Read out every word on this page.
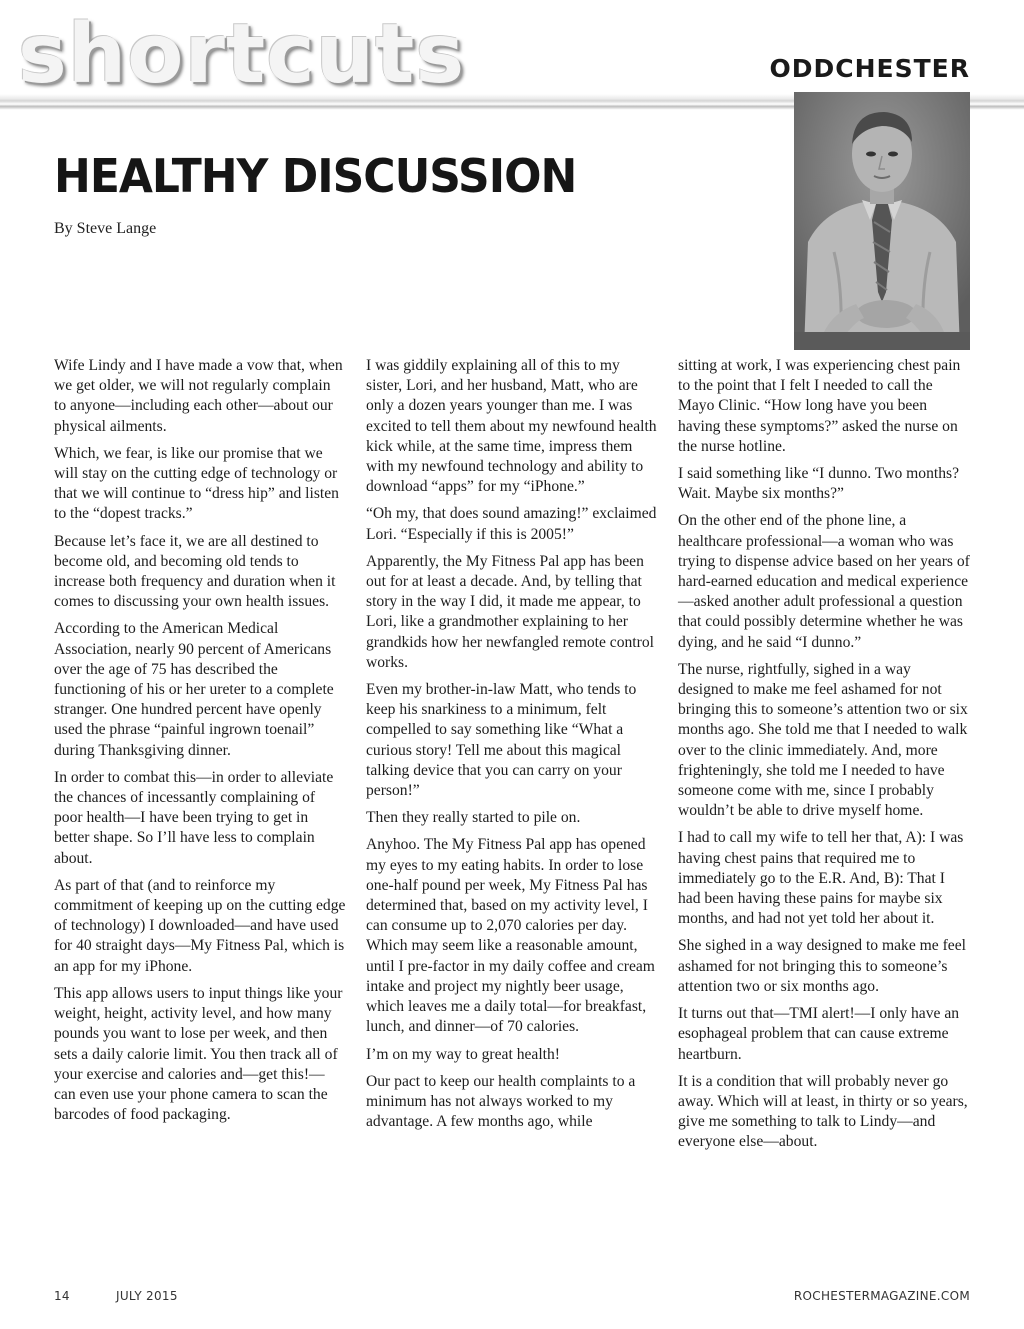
shortcuts	ODDCHESTER
HEALTHY DISCUSSION
By Steve Lange

Wife Lindy and I have made a vow that, when we get older, we will not regularly complain to anyone—including each other—about our physical ailments.

Which, we fear, is like our promise that we will stay on the cutting edge of technology or that we will continue to “dress hip” and listen to the “dopest tracks.”

Because let’s face it, we are all destined to become old, and becoming old tends to increase both frequency and duration when it comes to discussing your own health issues.

According to the American Medical Association, nearly 90 percent of Americans over the age of 75 has described the functioning of his or her ureter to a complete stranger. One hundred percent have openly used the phrase “painful ingrown toenail” during Thanksgiving dinner.

In order to combat this—in order to alleviate the chances of incessantly complaining of poor health—I have been trying to get in better shape. So I’ll have less to complain about.

As part of that (and to reinforce my commitment of keeping up on the cutting edge of technology) I downloaded—and have used for 40 straight days—My Fitness Pal, which is an app for my iPhone.

This app allows users to input things like your weight, height, activity level, and how many pounds you want to lose per week, and then sets a daily calorie limit. You then track all of your exercise and calories and—get this!—can even use your phone camera to scan the barcodes of food packaging.

I was giddily explaining all of this to my sister, Lori, and her husband, Matt, who are only a dozen years younger than me. I was excited to tell them about my newfound health kick while, at the same time, impress them with my newfound technology and ability to download “apps” for my “iPhone.”

“Oh my, that does sound amazing!” exclaimed Lori. “Especially if this is 2005!”

Apparently, the My Fitness Pal app has been out for at least a decade. And, by telling that story in the way I did, it made me appear, to Lori, like a grandmother explaining to her grandkids how her newfangled remote control works.

Even my brother-in-law Matt, who tends to keep his snarkiness to a minimum, felt compelled to say something like “What a curious story! Tell me about this magical talking device that you can carry on your person!”

Then they really started to pile on.

Anyhoo. The My Fitness Pal app has opened my eyes to my eating habits. In order to lose one-half pound per week, My Fitness Pal has determined that, based on my activity level, I can consume up to 2,070 calories per day. Which may seem like a reasonable amount, until I pre-factor in my daily coffee and cream intake and project my nightly beer usage, which leaves me a daily total—for breakfast, lunch, and dinner—of 70 calories.

I’m on my way to great health!

Our pact to keep our health complaints to a minimum has not always worked to my advantage. A few months ago, while

sitting at work, I was experiencing chest pain to the point that I felt I needed to call the Mayo Clinic. “How long have you been having these symptoms?” asked the nurse on the nurse hotline.

I said something like “I dunno. Two months? Wait. Maybe six months?”

On the other end of the phone line, a healthcare professional—a woman who was trying to dispense advice based on her years of hard-earned education and medical experience—asked another adult professional a question that could possibly determine whether he was dying, and he said “I dunno.”

The nurse, rightfully, sighed in a way designed to make me feel ashamed for not bringing this to someone’s attention two or six months ago. She told me that I needed to walk over to the clinic immediately. And, more frighteningly, she told me I needed to have someone come with me, since I probably wouldn’t be able to drive myself home.

I had to call my wife to tell her that, A): I was having chest pains that required me to immediately go to the E.R. And, B): That I had been having these pains for maybe six months, and had not yet told her about it.

She sighed in a way designed to make me feel ashamed for not bringing this to someone’s attention two or six months ago.

It turns out that—TMI alert!—I only have an esophageal problem that can cause extreme heartburn.

It is a condition that will probably never go away. Which will at least, in thirty or so years, give me something to talk to Lindy—and everyone else—about.

14	JULY 2015	ROCHESTERMAGAZINE.COM
